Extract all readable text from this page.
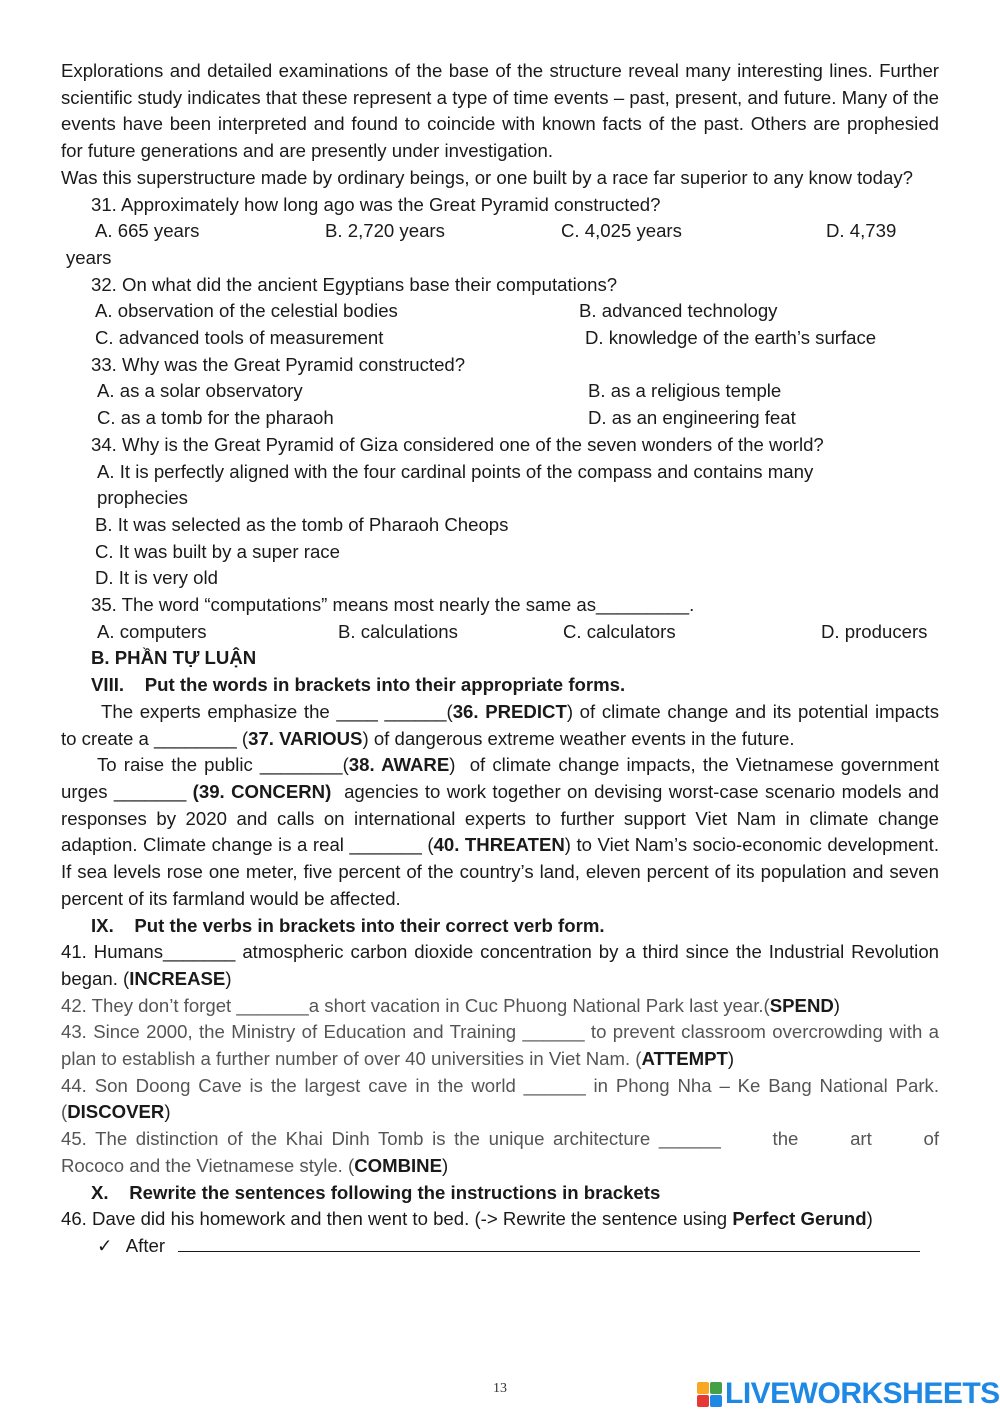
Explorations and detailed examinations of the base of the structure reveal many interesting lines. Further scientific study indicates that these represent a type of time events – past, present, and future. Many of the events have been interpreted and found to coincide with known facts of the past. Others are prophesied for future generations and are presently under investigation.
Was this superstructure made by ordinary beings, or one built by a race far superior to any know today?
31. Approximately how long ago was the Great Pyramid constructed?
A. 665 years	B. 2,720 years	C. 4,025 years	D. 4,739
years
32. On what did the ancient Egyptians base their computations?
A. observation of the celestial bodies	B. advanced technology
C. advanced tools of measurement	D. knowledge of the earth’s surface
33. Why was the Great Pyramid constructed?
A. as a solar observatory	B. as a religious temple
C. as a tomb for the pharaoh	D. as an engineering feat
34. Why is the Great Pyramid of Giza considered one of the seven wonders of the world?
A. It is perfectly aligned with the four cardinal points of the compass and contains many
prophecies
B. It was selected as the tomb of Pharaoh Cheops
C. It was built by a super race
D. It is very old
35. The word “computations” means most nearly the same as_________.
A. computers	B. calculations	C. calculators	D. producers
B. PHẦN TỰ LUẬN
VIII.    Put the words in brackets into their appropriate forms.
The experts emphasize the ____ ______(36. PREDICT) of climate change and its potential impacts to create a ________ (37. VARIOUS) of dangerous extreme weather events in the future.
To raise the public ________(38. AWARE)  of climate change impacts, the Vietnamese government urges _______ (39. CONCERN)  agencies to work together on devising worst-case scenario models and responses by 2020 and calls on international experts to further support Viet Nam in climate change adaption. Climate change is a real _______ (40. THREATEN) to Viet Nam’s socio-economic development. If sea levels rose one meter, five percent of the country’s land, eleven percent of its population and seven percent of its farmland would be affected.
IX.    Put the verbs in brackets into their correct verb form.
41. Humans_______ atmospheric carbon dioxide concentration by a third since the Industrial Revolution began. (INCREASE)
42. They don’t forget _______a short vacation in Cuc Phuong National Park last year.(SPEND)
43. Since 2000, the Ministry of Education and Training ______ to prevent classroom overcrowding with a plan to establish a further number of over 40 universities in Viet Nam. (ATTEMPT)
44. Son Doong Cave is the largest cave in the world ______ in Phong Nha – Ke Bang National Park. (DISCOVER)
45. The distinction of the Khai Dinh Tomb is the unique architecture ______      the      art      of
Rococo and the Vietnamese style. (COMBINE)
X.    Rewrite the sentences following the instructions in brackets
46. Dave did his homework and then went to bed. (-> Rewrite the sentence using Perfect Gerund)
✓ After
13	LIVEWORKSHEETS
